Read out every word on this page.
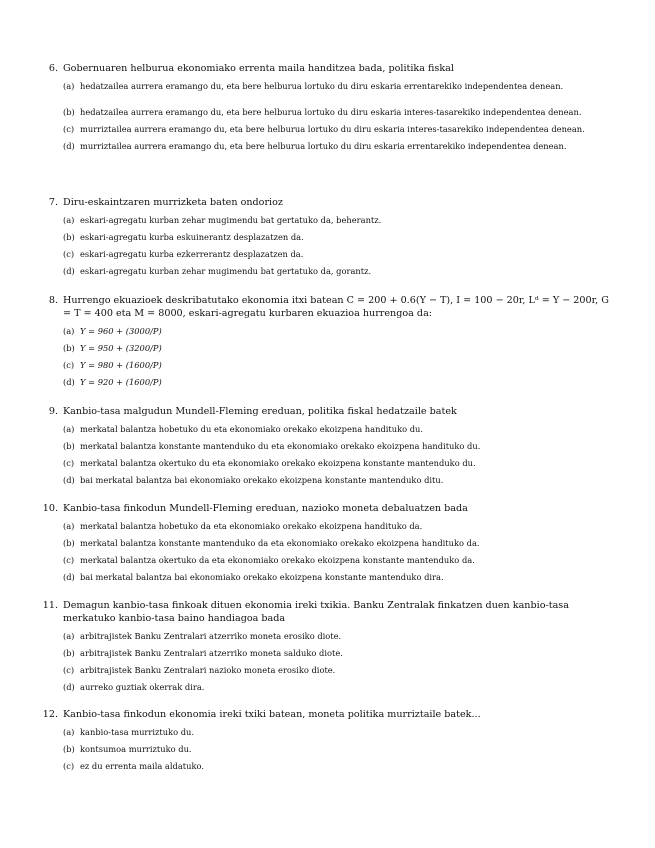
6. Gobernuaren helburua ekonomiako errenta maila handitzea bada, politika fiskal
(a) hedatzailea aurrera eramango du, eta bere helburua lortuko du diru eskaria errentarekiko independentea denean.
(b) hedatzailea aurrera eramango du, eta bere helburua lortuko du diru eskaria interes-tasarekiko independentea denean.
(c) murriztailea aurrera eramango du, eta bere helburua lortuko du diru eskaria interes-tasarekiko independentea denean.
(d) murriztailea aurrera eramango du, eta bere helburua lortuko du diru eskaria errentarekiko independentea denean.
7. Diru-eskaintzaren murrizketa baten ondorioz
(a) eskari-agregatu kurban zehar mugimendu bat gertatuko da, beherantz.
(b) eskari-agregatu kurba eskuinerantz desplazatzen da.
(c) eskari-agregatu kurba ezkerrerantz desplazatzen da.
(d) eskari-agregatu kurban zehar mugimendu bat gertatuko da, gorantz.
8. Hurrengo ekuazioek deskribatutako ekonomia itxi batean C = 200 + 0.6(Y − T), I = 100 − 20r, Lᵈ = Y − 200r, G = T = 400 eta M = 8000, eskari-agregatu kurbaren ekuazioa hurrengoa da:
(a) Y = 960 + (3000/P)
(b) Y = 950 + (3200/P)
(c) Y = 980 + (1600/P)
(d) Y = 920 + (1600/P)
9. Kanbio-tasa malgudun Mundell-Fleming ereduan, politika fiskal hedatzaile batek
(a) merkatal balantza hobetuko du eta ekonomiako orekako ekoizpena handituko du.
(b) merkatal balantza konstante mantenduko du eta ekonomiako orekako ekoizpena handituko du.
(c) merkatal balantza okertuko du eta ekonomiako orekako ekoizpena konstante mantenduko du.
(d) bai merkatal balantza bai ekonomiako orekako ekoizpena konstante mantenduko ditu.
10. Kanbio-tasa finkodun Mundell-Fleming ereduan, nazioko moneta debaluatzen bada
(a) merkatal balantza hobetuko da eta ekonomiako orekako ekoizpena handituko da.
(b) merkatal balantza konstante mantenduko da eta ekonomiako orekako ekoizpena handituko da.
(c) merkatal balantza okertuko da eta ekonomiako orekako ekoizpena konstante mantenduko da.
(d) bai merkatal balantza bai ekonomiako orekako ekoizpena konstante mantenduko dira.
11. Demagun kanbio-tasa finkoak dituen ekonomia ireki txikia. Banku Zentralak finkatzen duen kanbio-tasa merkatuko kanbio-tasa baino handiagoa bada
(a) arbitrajistek Banku Zentralari atzerriko moneta erosiko diote.
(b) arbitrajistek Banku Zentralari atzerriko moneta salduko diote.
(c) arbitrajistek Banku Zentralari nazioko moneta erosiko diote.
(d) aurreko guztiak okerrak dira.
12. Kanbio-tasa finkodun ekonomia ireki txiki batean, moneta politika murriztaile batek...
(a) kanbio-tasa murriztuko du.
(b) kontsumoa murriztuko du.
(c) ez du errenta maila aldatuko.
